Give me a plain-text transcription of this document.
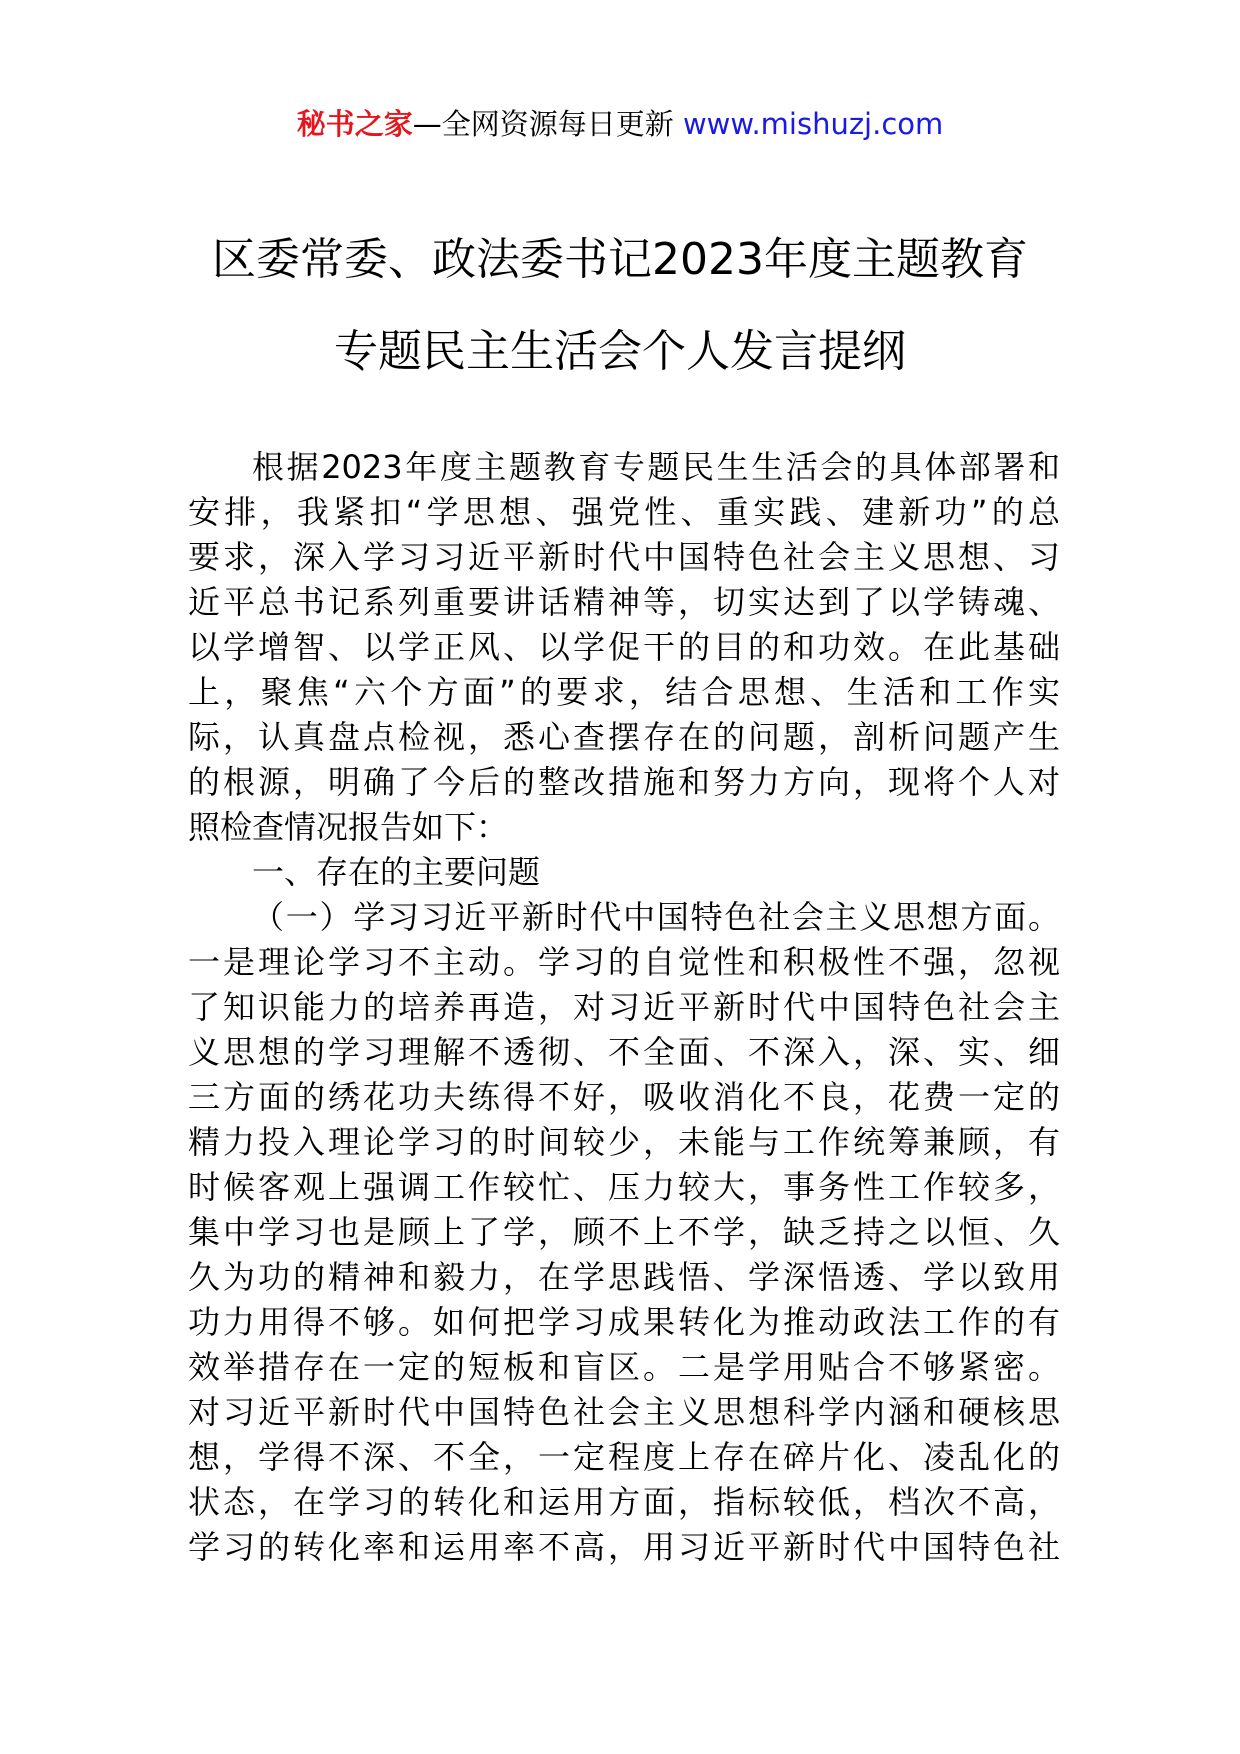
秘书之家—全网资源每日更新 www.mishuzj.com
区委常委、政法委书记2023年度主题教育
专题民主生活会个人发言提纲
根据2023年度主题教育专题民生生活会的具体部署和
安排，我紧扣“学思想、强党性、重实践、建新功”的总
要求，深入学习习近平新时代中国特色社会主义思想、习
近平总书记系列重要讲话精神等，切实达到了以学铸魂、
以学增智、以学正风、以学促干的目的和功效。在此基础
上，聚焦“六个方面”的要求，结合思想、生活和工作实
际，认真盘点检视，悉心查摆存在的问题，剖析问题产生
的根源，明确了今后的整改措施和努力方向，现将个人对
照检查情况报告如下：
一、存在的主要问题
（一）学习习近平新时代中国特色社会主义思想方面。
一是理论学习不主动。学习的自觉性和积极性不强，忽视
了知识能力的培养再造，对习近平新时代中国特色社会主
义思想的学习理解不透彻、不全面、不深入，深、实、细
三方面的绣花功夫练得不好，吸收消化不良，花费一定的
精力投入理论学习的时间较少，未能与工作统筹兼顾，有
时候客观上强调工作较忙、压力较大，事务性工作较多，
集中学习也是顾上了学，顾不上不学，缺乏持之以恒、久
久为功的精神和毅力，在学思践悟、学深悟透、学以致用
功力用得不够。如何把学习成果转化为推动政法工作的有
效举措存在一定的短板和盲区。二是学用贴合不够紧密。
对习近平新时代中国特色社会主义思想科学内涵和硬核思
想，学得不深、不全，一定程度上存在碎片化、凌乱化的
状态，在学习的转化和运用方面，指标较低，档次不高，
学习的转化率和运用率不高，用习近平新时代中国特色社
